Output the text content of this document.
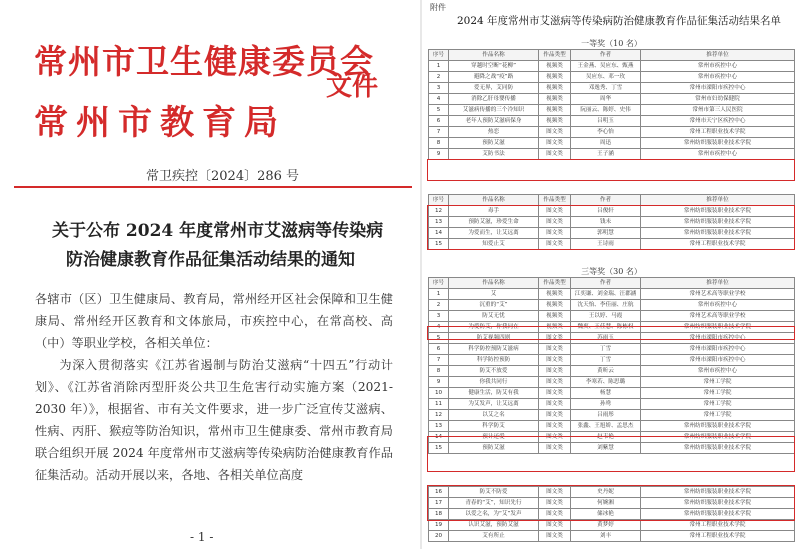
常州市卫生健康委员会
常州市教育局
文件
常卫疾控〔2024〕286 号
关于公布 2024 年度常州市艾滋病等传染病
防治健康教育作品征集活动结果的通知

各辖市（区）卫生健康局、教育局，常州经开区社会保障和卫生健康局、常州经开区教育和文体旅局，市疾控中心，在常高校、高（中）等职业学校，各相关单位：

为深入贯彻落实《江苏省遏制与防治艾滋病“十四五”行动计划》、《江苏省消除丙型肝炎公共卫生危害行动实施方案（2021-2030 年）》，根据省、市有关文件要求，进一步广泛宣传艾滋病、性病、丙肝、猴痘等防治知识，常州市卫生健康委、常州市教育局联合组织开展 2024 年度常州市艾滋病等传染病防治健康教育作品征集活动。活动开展以来，各地、各相关单位高度

- 1 -
附件
2024 年度常州市艾滋病等传染病防治健康教育作品征集活动结果名单
一等奖（10 名）
序号	作品名称	作品类型	作者	推荐单位
1	穿越时空断“花柳”	视频类	王金燕、吴应东、甄燕	常州市疾控中心
2	避降之战“疫”路	视频类	吴应东、邓一玫	常州市疾控中心
3	爱无界，艾同防	视频类	邓逸秀、丁雪	常州市溧阳市疾控中心
4	消除乙肝母婴传播	视频类	周华	常州市妇幼保健院
5	艾滋病传播的三个冷知识	视频类	阮丽云、陈婷、史伟	常州市第三人民医院
6	老年人预防艾滋病保身	视频类	吕明玉	常州市天宁区疾控中心
7	热恋	图文类	李心怡	常州工程职业技术学院
8	预防艾滋	图文类	周迅	常州纺织服装职业技术学院
9	艾防书法	图文类	王子涵	常州市疾控中心
序号	作品名称	作品类型	作者	推荐单位
12	毒手	图文类	吕俊轩	常州纺织服装职业技术学院
13	预防艾滋，珍爱生命	图文类	钱未	常州纺织服装职业技术学院
14	为爱而生，让艾远离	图文类	郭明慧	常州纺织服装职业技术学院
15	知爱止艾	图文类	王诗雨	常州工程职业技术学院
三等奖（30 名）
序号	作品名称	作品类型	作者	推荐单位
1	艾	视频类	江奕谦、刘金瑞、汪郡涵	常州艺术高等职业学校
2	沉重的“艾”	视频类	沈天怡、李佳丽、庄航	常州市疾控中心
3	防艾无忧	视频类	王以婷、马霞	常州艺术高等职业学校
4	为爱防艾，你我同在	视频类	魏爽、王佳慧、陈栋权	常州纺织服装职业技术学院
5	防艾视频四则	图文类	苏雨玉	常州市溧阳市疾控中心
6	科学防控预防艾滋病	图文类	丁雪	常州市溧阳市疾控中心
7	科学防控预防	图文类	丁雪	常州市溧阳市疾控中心
8	防艾不放爱	图文类	黄昕云	常州市疾控中心
9	你我共同行	图文类	李寒若、陈思璐	常州工学院
10	健康生活，防艾有我	图文类	杨慧	常州工学院
11	为艾发声，让艾远离	图文类	孙鸯	常州工学院
12	以艾之名	图文类	吕雨彤	常州工学院
13	科学防艾	图文类	张鑫、王旭娇、孟思杰	常州纺织服装职业技术学院
14	预计还爱	图文类	赵韦艳	常州纺织服装职业技术学院
15	预防艾滋	图文类	刘紫慧	常州纺织服装职业技术学院
16	防艾不防爱	图文类	史丹妮	常州纺织服装职业技术学院
17	青春的“艾”，知识先行	图文类	何婉湘	常州纺织服装职业技术学院
18	以爱之名，为“艾”发声	图文类	储冰艳	常州纺织服装职业技术学院
19	认识艾滋，预防艾滋	图文类	黄梦婷	常州工程职业技术学院
20	艾有所止	图文类	刘丰	常州工程职业技术学院
